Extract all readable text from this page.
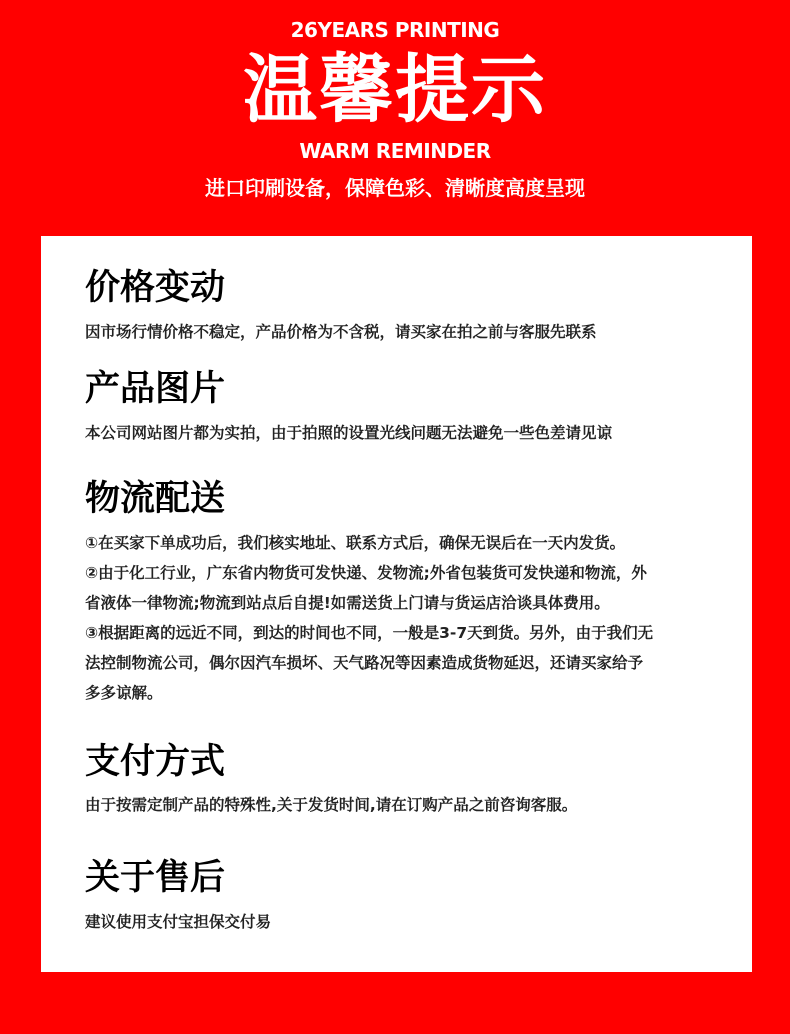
26YEARS PRINTING
温馨提示
WARM REMINDER
进口印刷设备，保障色彩、清晰度高度呈现
价格变动
因市场行情价格不稳定，产品价格为不含税，请买家在拍之前与客服先联系
产品图片
本公司网站图片都为实拍，由于拍照的设置光线问题无法避免一些色差请见谅
物流配送
①在买家下单成功后，我们核实地址、联系方式后，确保无误后在一天内发货。
②由于化工行业，广东省内物货可发快递、发物流;外省包装货可发快递和物流，外
省液体一律物流;物流到站点后自提!如需送货上门请与货运店洽谈具体费用。
③根据距离的远近不同，到达的时间也不同，一般是3-7天到货。另外，由于我们无
法控制物流公司，偶尔因汽车损坏、天气路况等因素造成货物延迟，还请买家给予
多多谅解。
支付方式
由于按需定制产品的特殊性,关于发货时间,请在订购产品之前咨询客服。
关于售后
建议使用支付宝担保交付易
